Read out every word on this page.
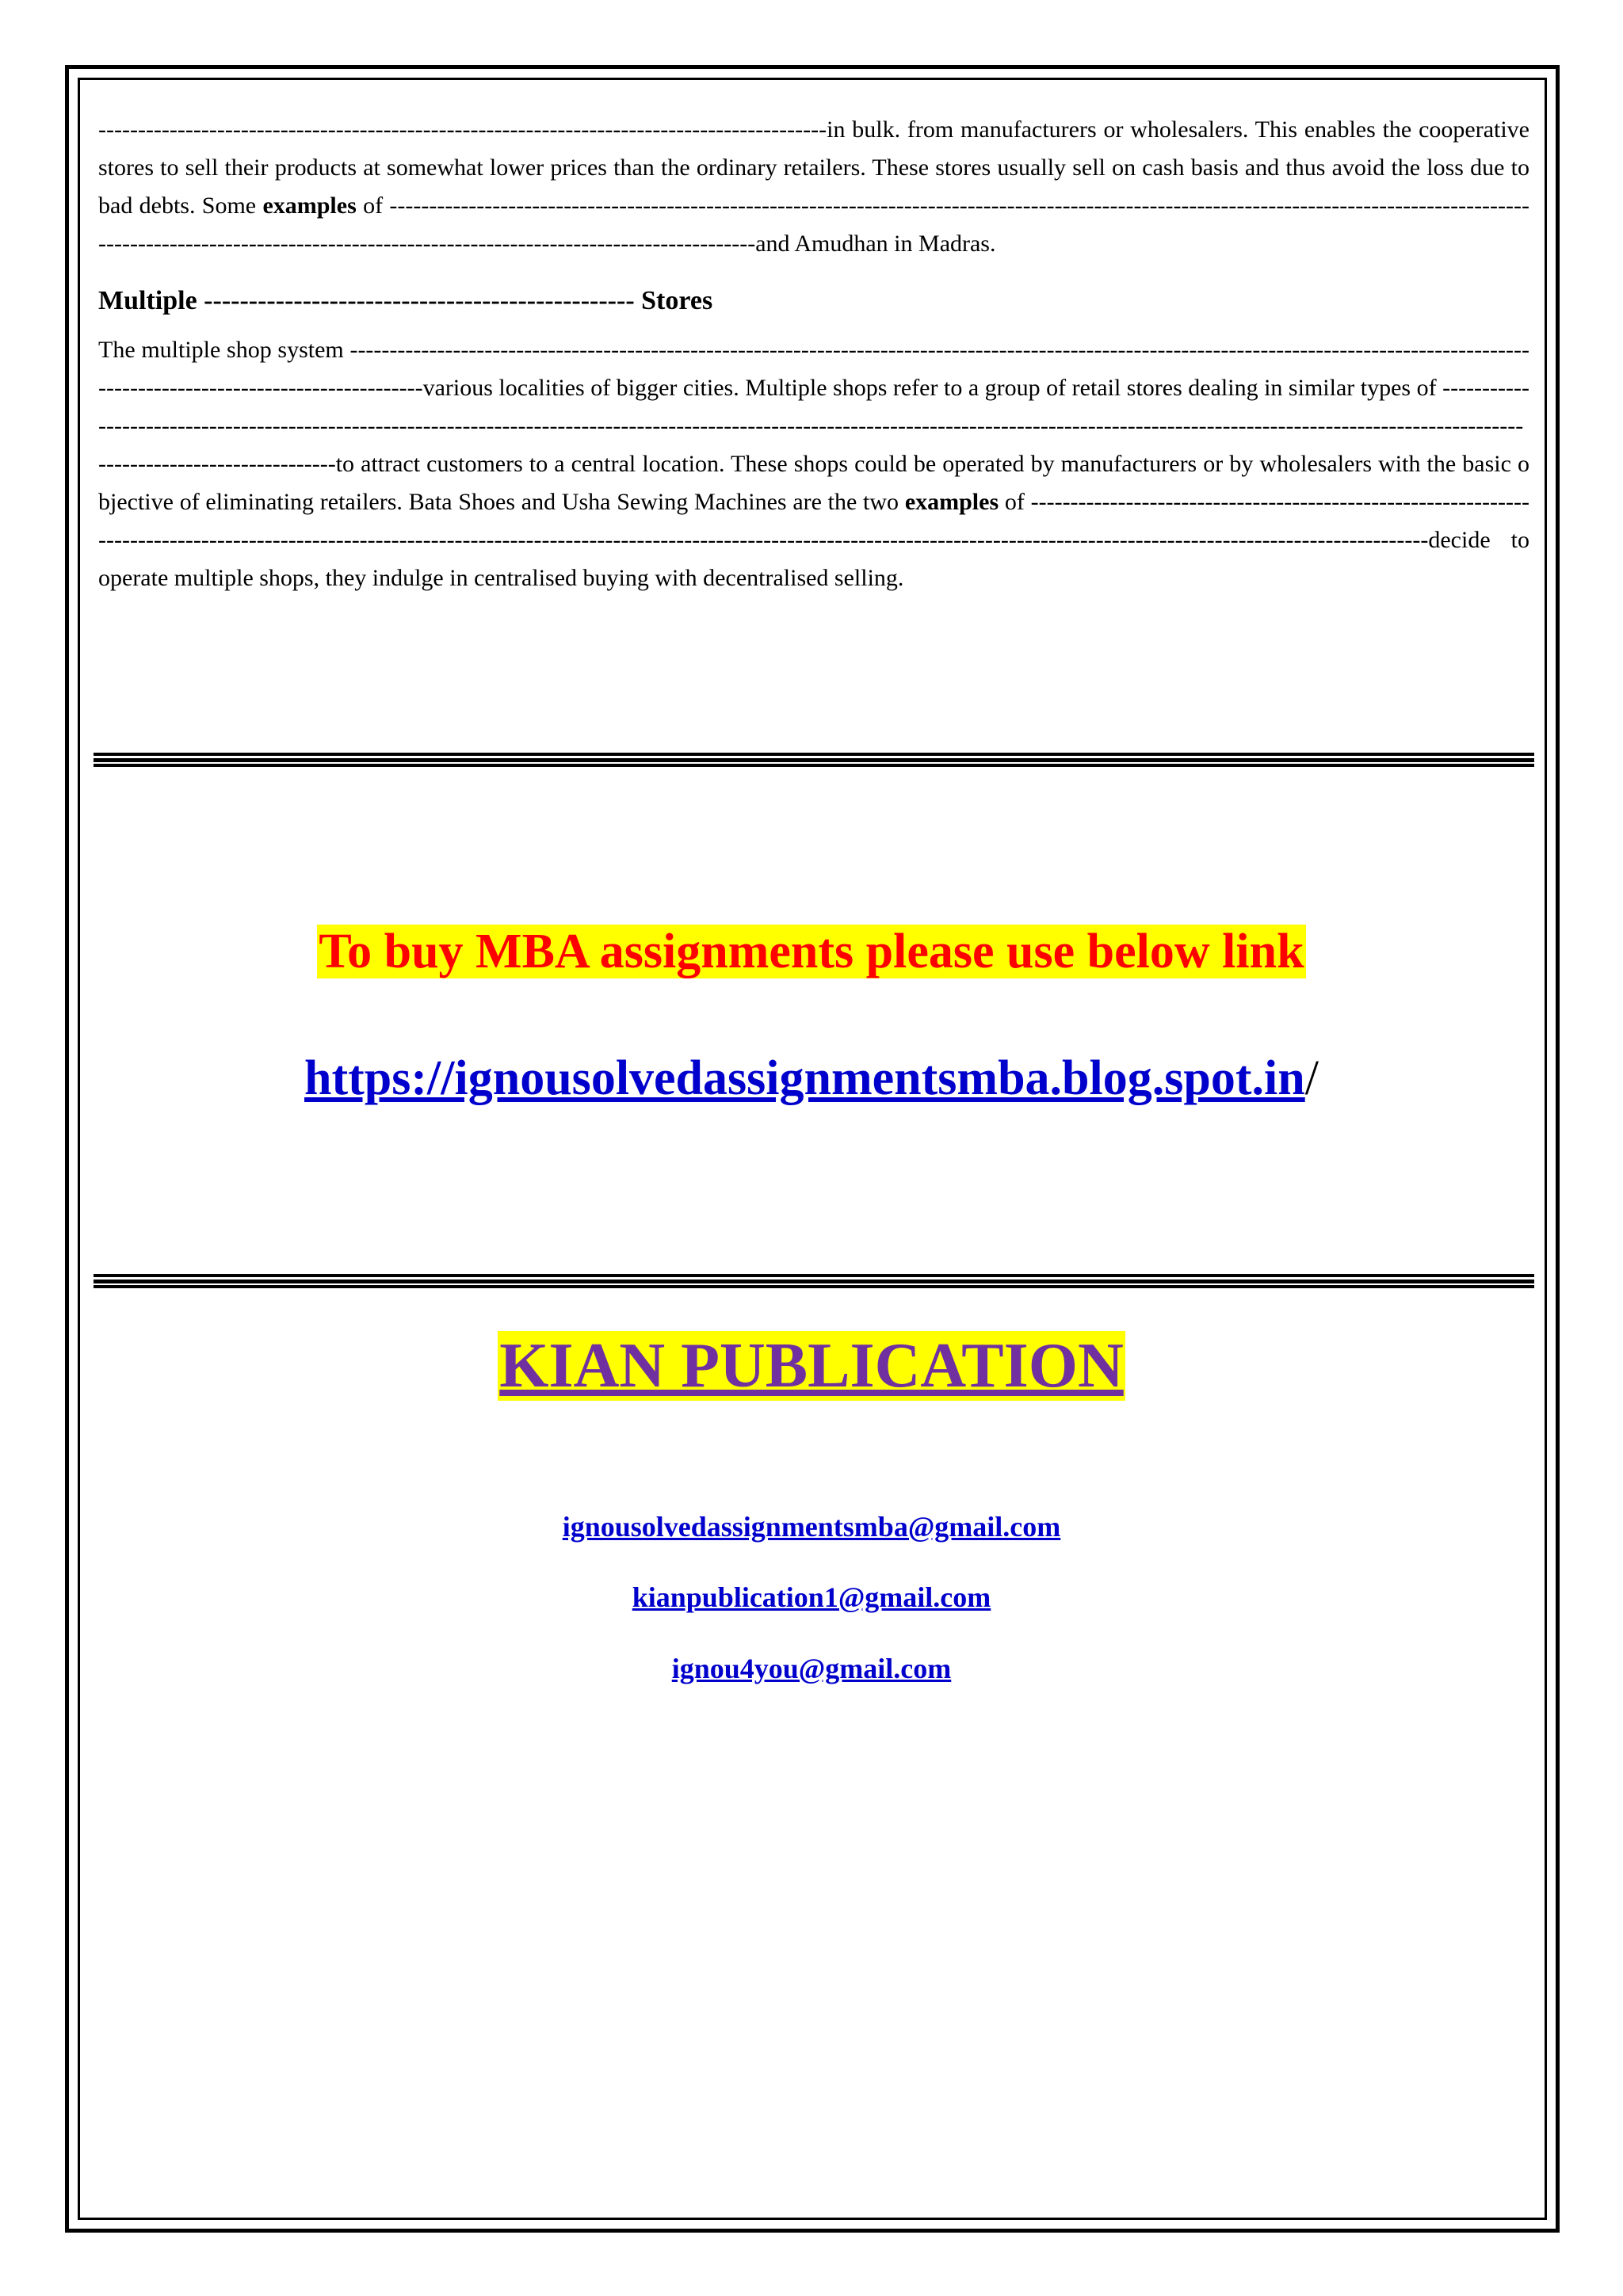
--------------------------------------------------------------------------------------------in bulk. from manufacturers or wholesalers. This enables the cooperative stores to sell their products at somewhat lower prices than the ordinary retailers. These stores usually sell on cash basis and thus avoid the loss due to bad debts. Some examples of -----------------------------------------------------------------------------------------------------------------------------------------------------------------------------------------------------------------------------------and Amudhan in Madras.

Multiple ------------------------------------------------ Stores

The multiple shop system ----------------------------------------------------------------------------------------------------------------------------------------------------------------------------------------------various localities of bigger cities. Multiple shops refer to a group of retail stores dealing in similar types of -----------------------------------------------------------------------------------------------------------------------------------------------------------------------------------------------------------------------------to attract customers to a central location. These shops could be operated by manufacturers or by wholesalers with the basic objective of eliminating retailers. Bata Shoes and Usha Sewing Machines are the two examples of ---------------------------------------------------------------------------------------------------------------------------------------------------------------------------------------------------------------------------------------decide to operate multiple shops, they indulge in centralised buying with decentralised selling.

To buy MBA assignments please use below link
https://ignousolvedassignmentsmba.blog.spot.in/
KIAN PUBLICATION
ignousolvedassignmentsmba@gmail.com
kianpublication1@gmail.com
ignou4you@gmail.com
